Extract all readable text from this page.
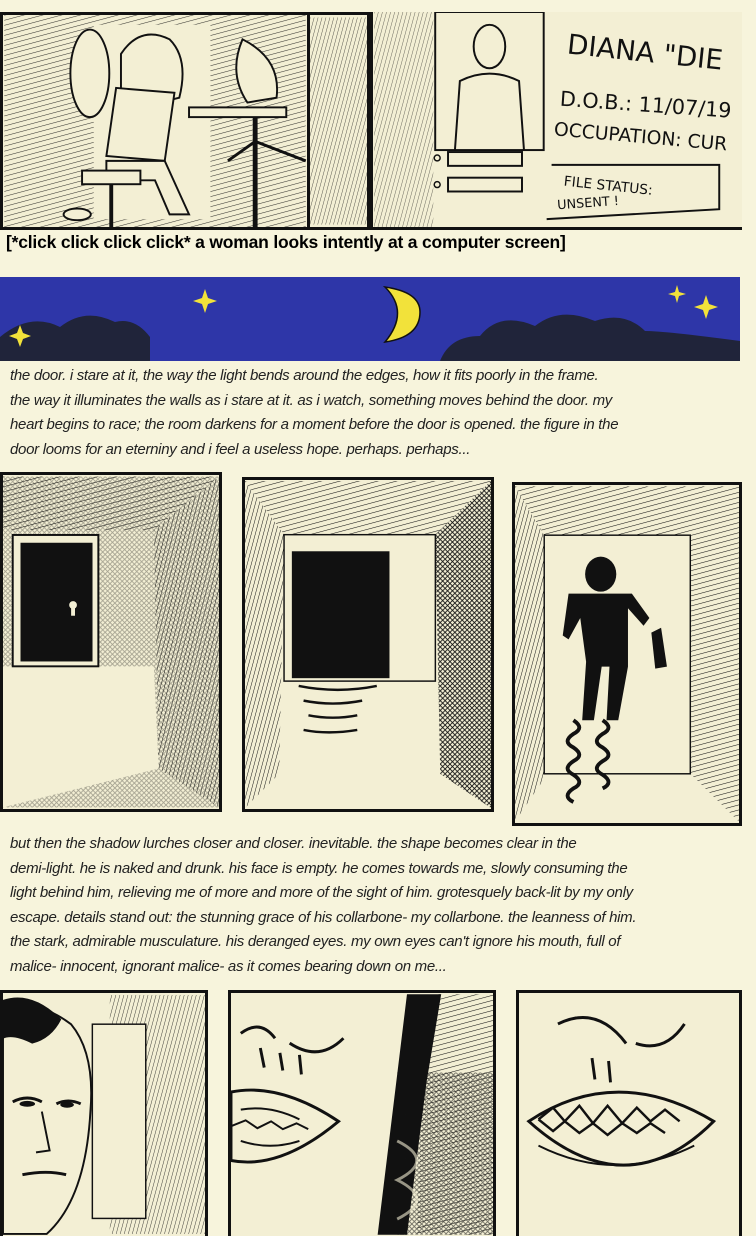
DIANA "DIE
D.O.B.: 11/07/19
OCCUPATION: CUR
FILE STATUS:
UNSENT !
[*click click click click* a woman looks intently at a computer screen]
the door. i stare at it, the way the light bends around the edges, how it fits poorly in the frame.
the way it illuminates the walls as i stare at it. as i watch, something moves behind the door. my
heart begins to race; the room darkens for a moment before the door is opened. the figure in the
door looms for an eterniny and i feel a useless hope. perhaps. perhaps...
but then the shadow lurches closer and closer. inevitable. the shape becomes clear in the
demi-light. he is naked and drunk. his face is empty. he comes towards me, slowly consuming the
light behind him, relieving me of more and more of the sight of him. grotesquely back-lit by my only
escape. details stand out: the stunning grace of his collarbone- my collarbone. the leanness of him.
the stark, admirable musculature. his deranged eyes. my own eyes can't ignore his mouth, full of
malice- innocent, ignorant malice- as it comes bearing down on me...
